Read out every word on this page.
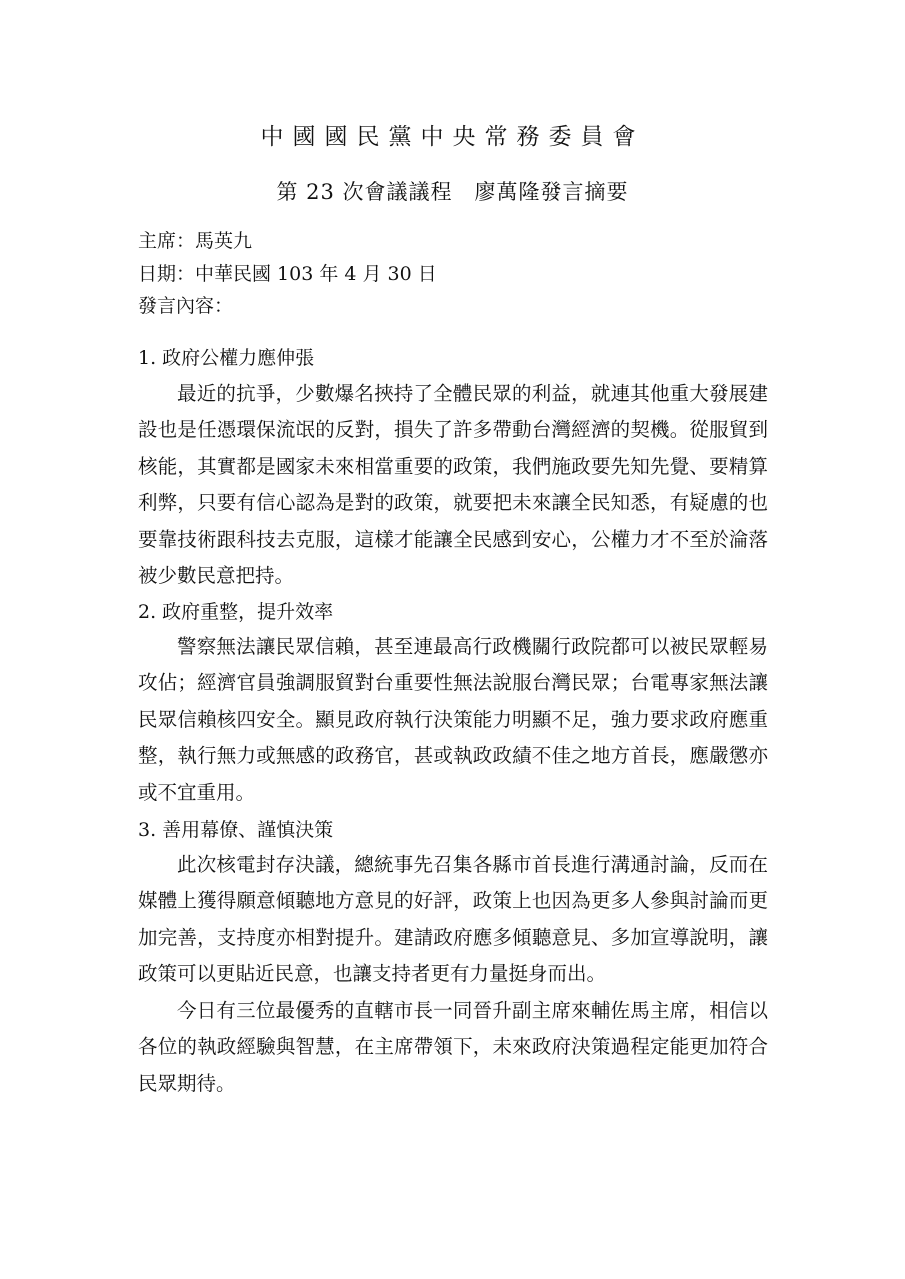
中國國民黨中央常務委員會
第 23 次會議議程　廖萬隆發言摘要
主席：馬英九
日期：中華民國 103 年 4 月 30 日
發言內容：
1. 政府公權力應伸張

最近的抗爭，少數爆名挾持了全體民眾的利益，就連其他重大發展建設也是任憑環保流氓的反對，損失了許多帶動台灣經濟的契機。從服貿到核能，其實都是國家未來相當重要的政策，我們施政要先知先覺、要精算利弊，只要有信心認為是對的政策，就要把未來讓全民知悉，有疑慮的也要靠技術跟科技去克服，這樣才能讓全民感到安心，公權力才不至於淪落被少數民意把持。

2. 政府重整，提升效率

警察無法讓民眾信賴，甚至連最高行政機關行政院都可以被民眾輕易攻佔；經濟官員強調服貿對台重要性無法說服台灣民眾；台電專家無法讓民眾信賴核四安全。顯見政府執行決策能力明顯不足，強力要求政府應重整，執行無力或無感的政務官，甚或執政政績不佳之地方首長，應嚴懲亦或不宜重用。

3. 善用幕僚、謹慎決策

此次核電封存決議，總統事先召集各縣市首長進行溝通討論，反而在媒體上獲得願意傾聽地方意見的好評，政策上也因為更多人參與討論而更加完善，支持度亦相對提升。建請政府應多傾聽意見、多加宣導說明，讓政策可以更貼近民意，也讓支持者更有力量挺身而出。

今日有三位最優秀的直轄市長一同晉升副主席來輔佐馬主席，相信以各位的執政經驗與智慧，在主席帶領下，未來政府決策過程定能更加符合民眾期待。
